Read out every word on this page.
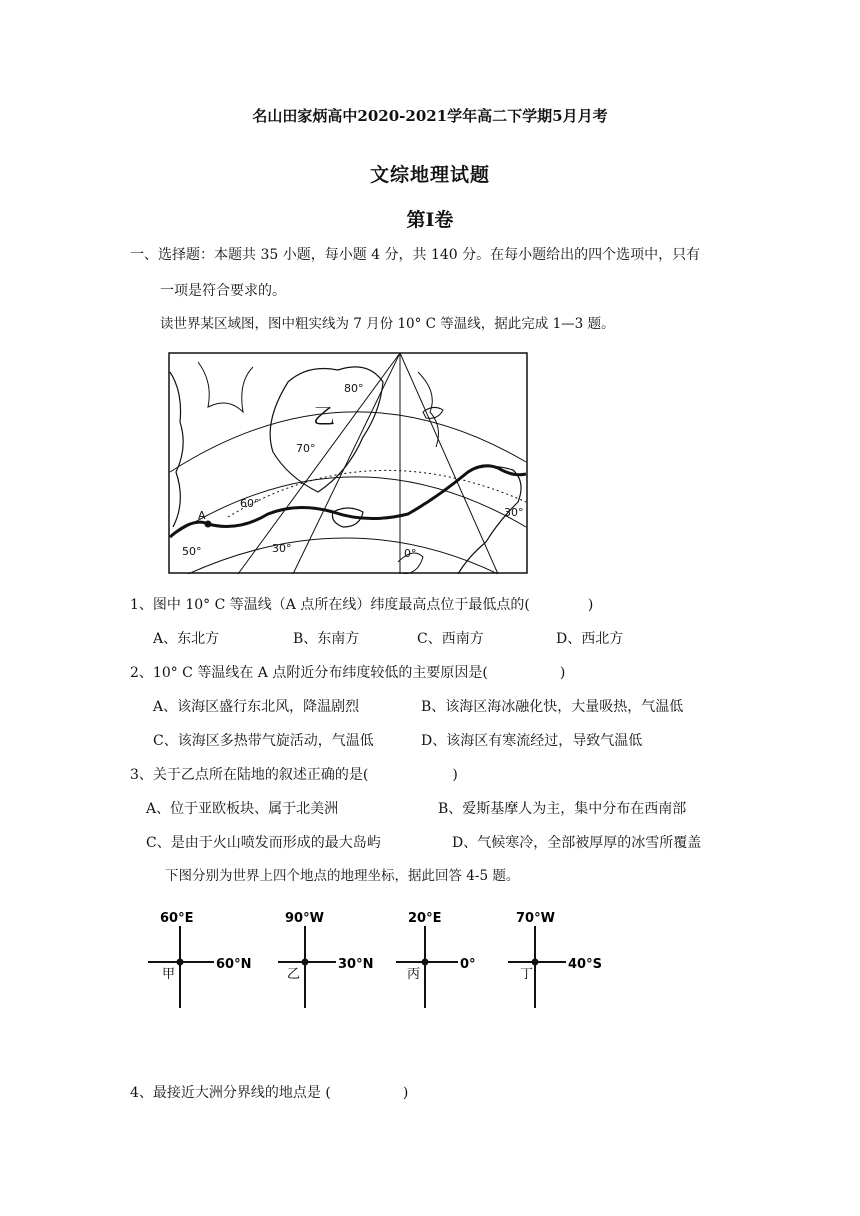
名山田家炳高中2020-2021学年高二下学期5月月考
文综地理试题
第Ⅰ卷
一、选择题：本题共 35 小题，每小题 4 分，共 140 分。在每小题给出的四个选项中，只有
一项是符合要求的。
读世界某区域图，图中粗实线为 7 月份 10° C 等温线，据此完成 1—3 题。
乙
A
80°
70°
60°
50°	30°	0°
30°
1、图中 10° C 等温线（A 点所在线）纬度最高点位于最低点的(	)
A、东北方	B、东南方	C、西南方	D、西北方
2、10° C 等温线在 A 点附近分布纬度较低的主要原因是(	)
A、该海区盛行东北风，降温剧烈	B、该海区海冰融化快，大量吸热，气温低
C、该海区多热带气旋活动，气温低	D、该海区有寒流经过，导致气温低
3、关于乙点所在陆地的叙述正确的是(	)
A、位于亚欧板块、属于北美洲	B、爱斯基摩人为主，集中分布在西南部
C、是由于火山喷发而形成的最大岛屿	D、气候寒冷，全部被厚厚的冰雪所覆盖
下图分别为世界上四个地点的地理坐标，据此回答 4-5 题。
60°E
60°N
甲
90°W
30°N
乙
20°E
0°
丙
70°W
40°S
丁
4、最接近大洲分界线的地点是 (	)
